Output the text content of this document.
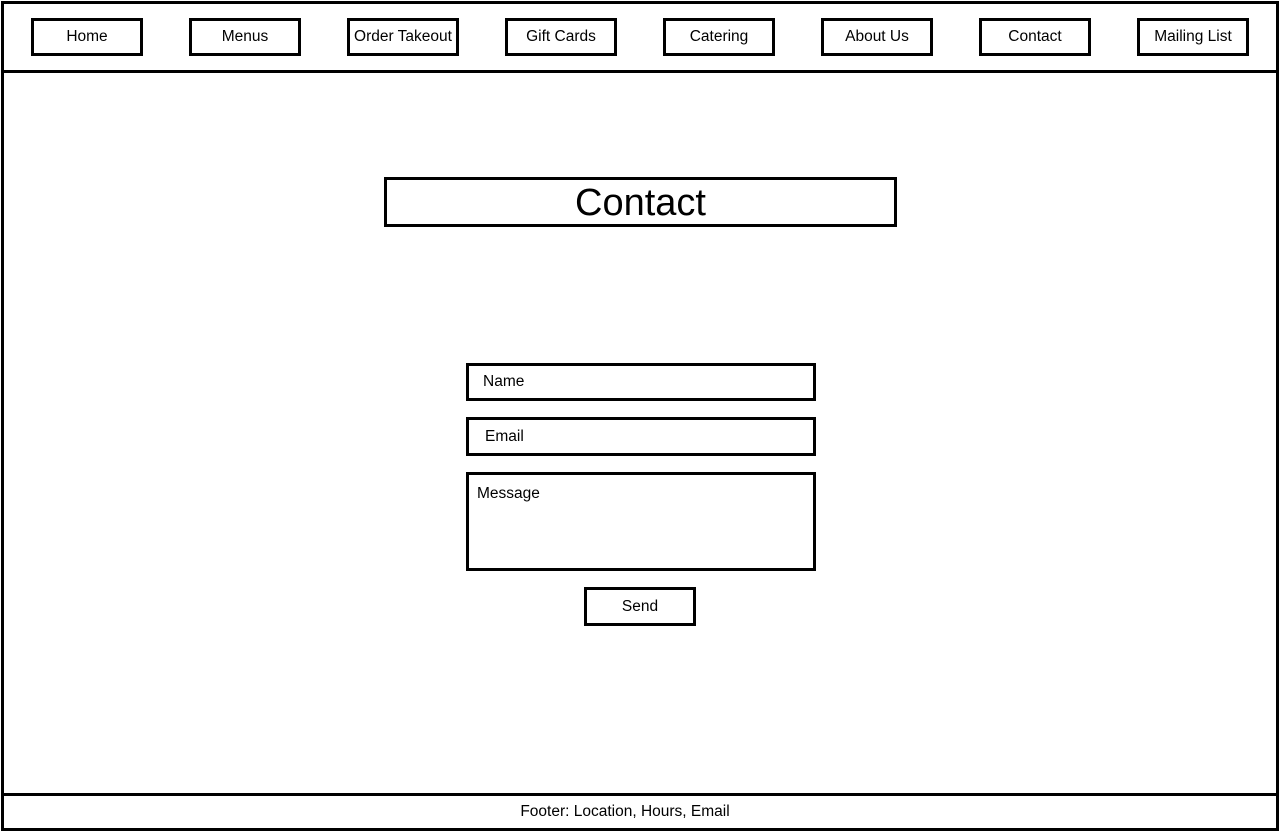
Home	Menus	Order Takeout	Gift Cards	Catering	About Us	Contact	Mailing List
Contact
Name
Email
Message
Send
Footer: Location, Hours, Email
